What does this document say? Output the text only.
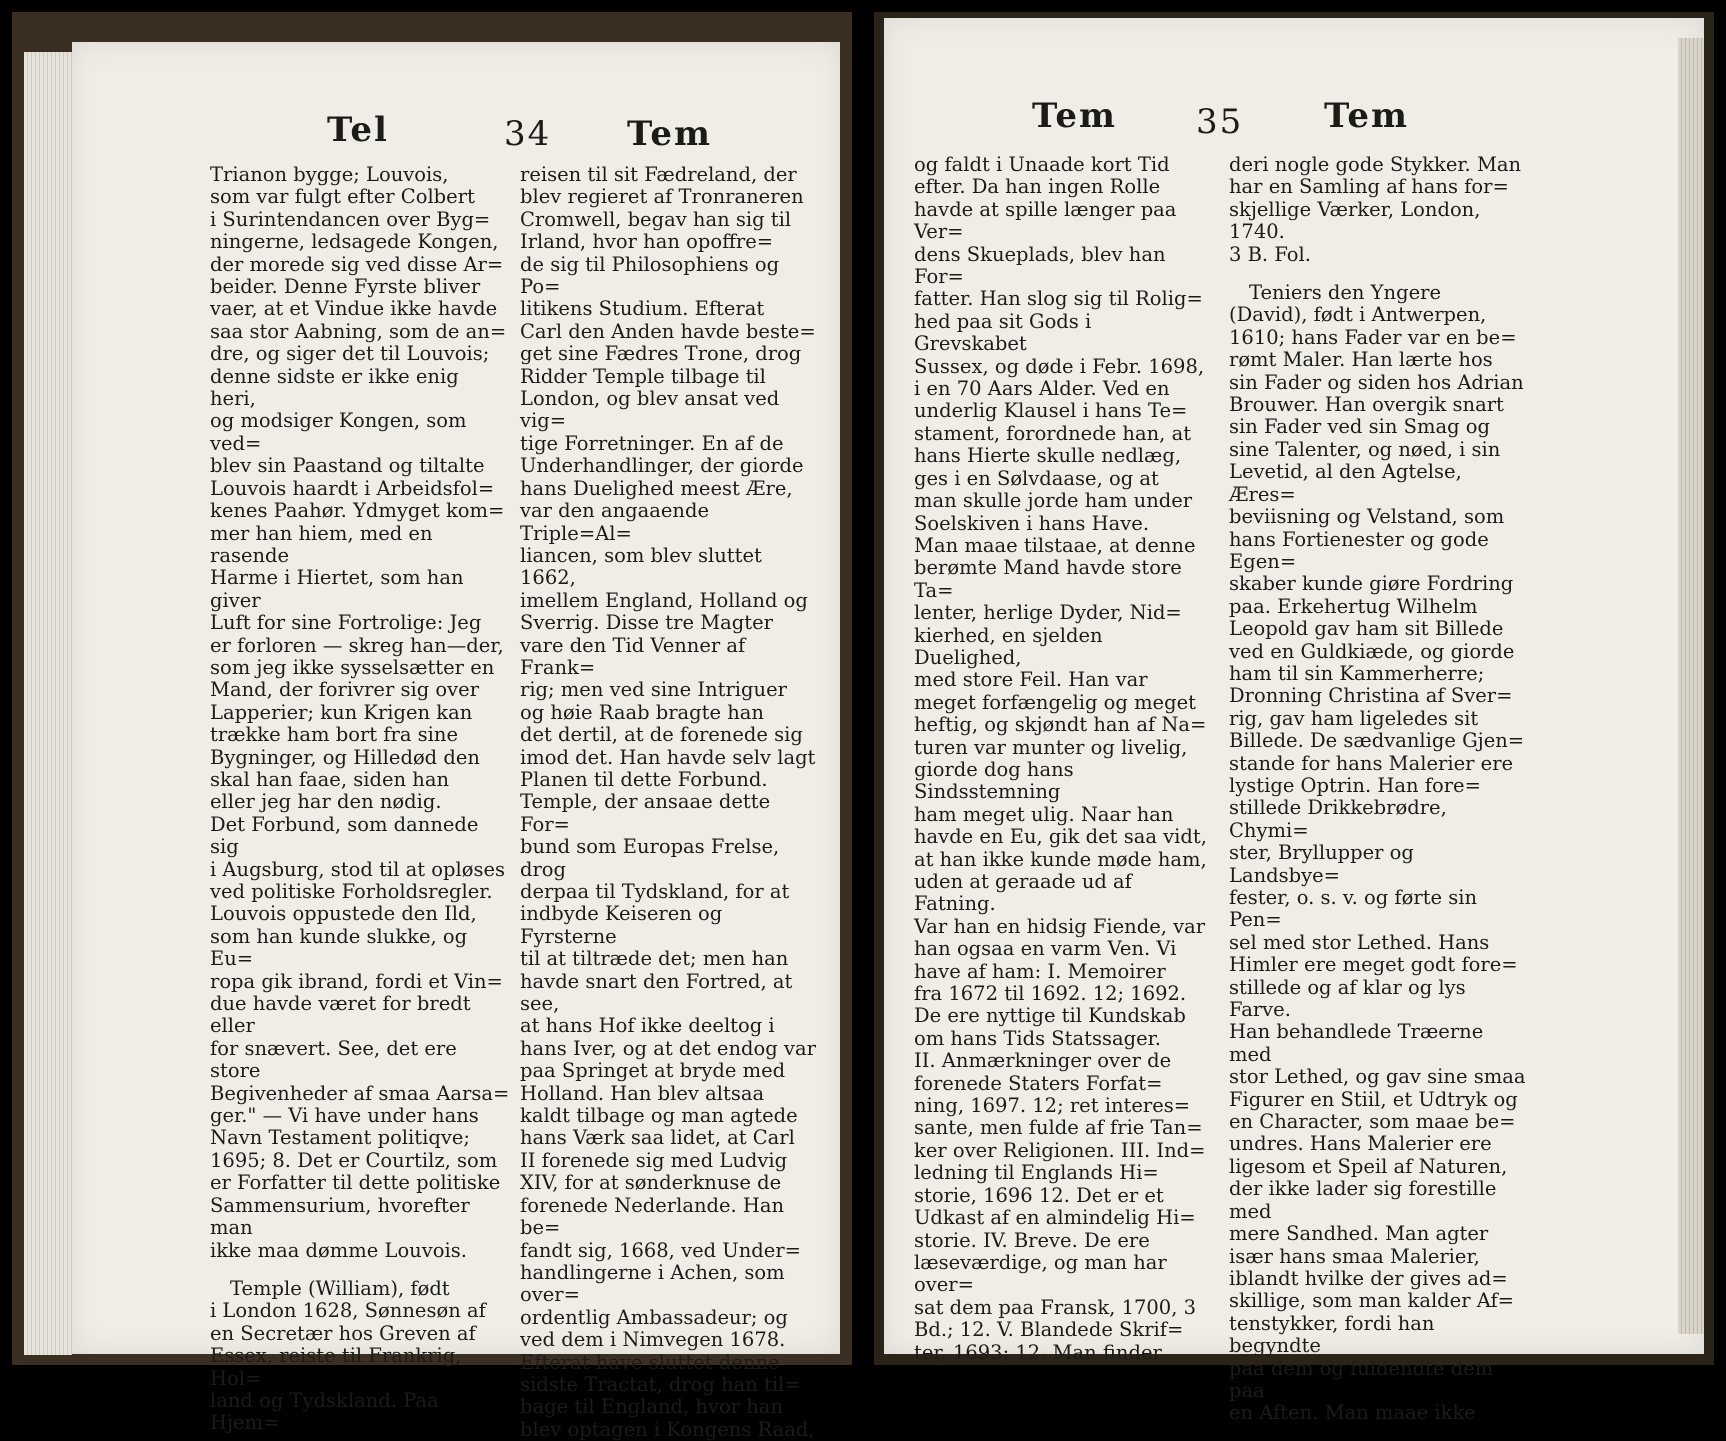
Tel	34 Tem

Trianon bygge; Louvois,

som var fulgt efter Colbert

i Surintendancen over Byg=

ningerne, ledsagede Kongen,

der morede sig ved disse Ar=

beider. Denne Fyrste bliver

vaer, at et Vindue ikke havde

saa stor Aabning, som de an=

dre, og siger det til Louvois;

denne sidste er ikke enig heri,

og modsiger Kongen, som ved=

blev sin Paastand og tiltalte

Louvois haardt i Arbeidsfol=

kenes Paahør. Ydmyget kom=

mer han hiem, med en rasende

Harme i Hiertet, som han giver

Luft for sine Fortrolige: Jeg

er forloren — skreg han—der,

som jeg ikke sysselsætter en

Mand, der forivrer sig over

Lapperier; kun Krigen kan

trække ham bort fra sine

Bygninger, og Hilledød den

skal han faae, siden han

eller jeg har den nødig.

Det Forbund, som dannede sig

i Augsburg, stod til at opløses

ved politiske Forholdsregler.

Louvois oppustede den Ild,

som han kunde slukke, og Eu=

ropa gik ibrand, fordi et Vin=

due havde været for bredt eller

for snævert. See, det ere store

Begivenheder af smaa Aarsa=

ger." — Vi have under hans

Navn Testament politiqve;

1695; 8. Det er Courtilz, som

er Forfatter til dette politiske

Sammensurium, hvorefter man

ikke maa dømme Louvois.

Temple (William), født

i London 1628, Sønnesøn af

en Secretær hos Greven af

Essex, reiste til Frankrig, Hol=

land og Tydskland. Paa Hjem=

reisen til sit Fædreland, der

blev regieret af Tronraneren

Cromwell, begav han sig til

Irland, hvor han opoffre=

de sig til Philosophiens og Po=

litikens Studium. Efterat

Carl den Anden havde beste=

get sine Fædres Trone, drog

Ridder Temple tilbage til

London, og blev ansat ved vig=

tige Forretninger. En af de

Underhandlinger, der giorde

hans Duelighed meest Ære,

var den angaaende Triple=Al=

liancen, som blev sluttet 1662,

imellem England, Holland og

Sverrig. Disse tre Magter

vare den Tid Venner af Frank=

rig; men ved sine Intriguer

og høie Raab bragte han

det dertil, at de forenede sig

imod det. Han havde selv lagt

Planen til dette Forbund.

Temple, der ansaae dette For=

bund som Europas Frelse, drog

derpaa til Tydskland, for at

indbyde Keiseren og Fyrsterne

til at tiltræde det; men han

havde snart den Fortred, at see,

at hans Hof ikke deeltog i

hans Iver, og at det endog var

paa Springet at bryde med

Holland. Han blev altsaa

kaldt tilbage og man agtede

hans Værk saa lidet, at Carl

II forenede sig med Ludvig

XIV, for at sønderknuse de

forenede Nederlande. Han be=

fandt sig, 1668, ved Under=

handlingerne i Achen, som over=

ordentlig Ambassadeur; og

ved dem i Nimvegen 1678.

Efterat have sluttet denne

sidste Tractat, drog han til=

bage til England, hvor han

blev optagen i Kongens Raad,

Tem 35 Tem

og faldt i Unaade kort Tid

efter. Da han ingen Rolle

havde at spille længer paa Ver=

dens Skueplads, blev han For=

fatter. Han slog sig til Rolig=

hed paa sit Gods i Grevskabet

Sussex, og døde i Febr. 1698,

i en 70 Aars Alder. Ved en

underlig Klausel i hans Te=

stament, forordnede han, at

hans Hierte skulle nedlæg,

ges i en Sølvdaase, og at

man skulle jorde ham under

Soelskiven i hans Have.

Man maae tilstaae, at denne

berømte Mand havde store Ta=

lenter, herlige Dyder, Nid=

kierhed, en sjelden Duelighed,

med store Feil. Han var

meget forfængelig og meget

heftig, og skjøndt han af Na=

turen var munter og livelig,

giorde dog hans Sindsstemning

ham meget ulig. Naar han

havde en Eu, gik det saa vidt,

at han ikke kunde møde ham,

uden at geraade ud af Fatning.

Var han en hidsig Fiende, var

han ogsaa en varm Ven. Vi

have af ham: I. Memoirer

fra 1672 til 1692. 12; 1692.

De ere nyttige til Kundskab

om hans Tids Statssager.

II. Anmærkninger over de

forenede Staters Forfat=

ning, 1697. 12; ret interes=

sante, men fulde af frie Tan=

ker over Religionen. III. Ind=

ledning til Englands Hi=

storie, 1696 12. Det er et

Udkast af en almindelig Hi=

storie. IV. Breve. De ere

læseværdige, og man har over=

sat dem paa Fransk, 1700, 3

Bd.; 12. V. Blandede Skrif=

ter, 1693; 12. Man finder

deri nogle gode Stykker. Man

har en Samling af hans for=

skjellige Værker, London, 1740.

3 B. Fol.

Teniers den Yngere

(David), født i Antwerpen,

1610; hans Fader var en be=

rømt Maler. Han lærte hos

sin Fader og siden hos Adrian

Brouwer. Han overgik snart

sin Fader ved sin Smag og

sine Talenter, og nøed, i sin

Levetid, al den Agtelse, Æres=

beviisning og Velstand, som

hans Fortienester og gode Egen=

skaber kunde giøre Fordring

paa. Erkehertug Wilhelm

Leopold gav ham sit Billede

ved en Guldkiæde, og giorde

ham til sin Kammerherre;

Dronning Christina af Sver=

rig, gav ham ligeledes sit

Billede. De sædvanlige Gjen=

stande for hans Malerier ere

lystige Optrin. Han fore=

stillede Drikkebrødre, Chymi=

ster, Bryllupper og Landsbye=

fester, o. s. v. og førte sin Pen=

sel med stor Lethed. Hans

Himler ere meget godt fore=

stillede og af klar og lys Farve.

Han behandlede Træerne med

stor Lethed, og gav sine smaa

Figurer en Stiil, et Udtryk og

en Character, som maae be=

undres. Hans Malerier ere

ligesom et Speil af Naturen,

der ikke lader sig forestille med

mere Sandhed. Man agter

især hans smaa Malerier,

iblandt hvilke der gives ad=

skillige, som man kalder Af=

tenstykker, fordi han begyndte

paa dem og fuldendte dem paa

en Aften. Man maae ikke
